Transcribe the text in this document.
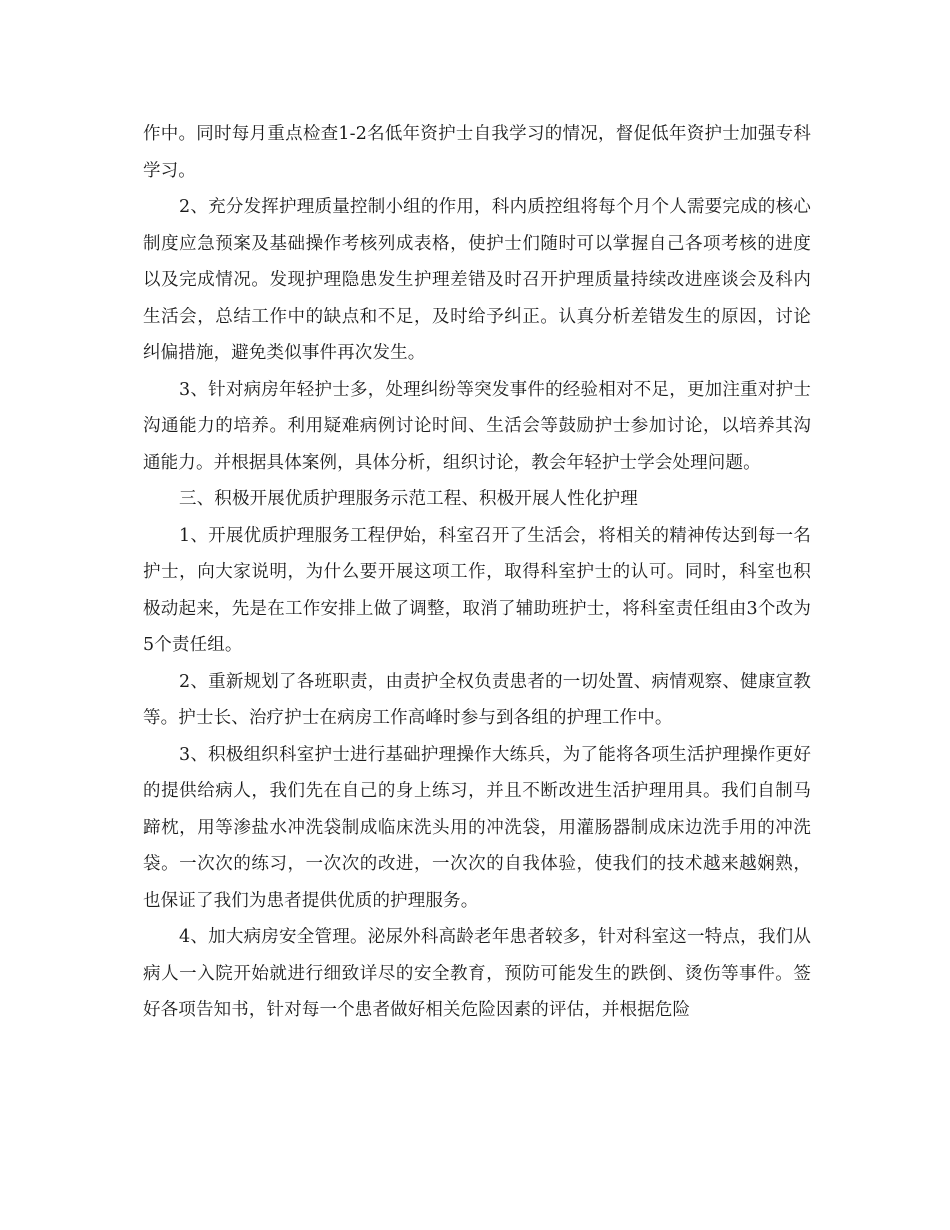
作中。同时每月重点检查1-2名低年资护士自我学习的情况，督促低年资护士加强专科学习。

2、充分发挥护理质量控制小组的作用，科内质控组将每个月个人需要完成的核心制度应急预案及基础操作考核列成表格，使护士们随时可以掌握自己各项考核的进度以及完成情况。发现护理隐患发生护理差错及时召开护理质量持续改进座谈会及科内生活会，总结工作中的缺点和不足，及时给予纠正。认真分析差错发生的原因，讨论纠偏措施，避免类似事件再次发生。

3、针对病房年轻护士多，处理纠纷等突发事件的经验相对不足，更加注重对护士沟通能力的培养。利用疑难病例讨论时间、生活会等鼓励护士参加讨论，以培养其沟通能力。并根据具体案例，具体分析，组织讨论，教会年轻护士学会处理问题。

三、积极开展优质护理服务示范工程、积极开展人性化护理

1、开展优质护理服务工程伊始，科室召开了生活会，将相关的精神传达到每一名护士，向大家说明，为什么要开展这项工作，取得科室护士的认可。同时，科室也积极动起来，先是在工作安排上做了调整，取消了辅助班护士，将科室责任组由3个改为5个责任组。

2、重新规划了各班职责，由责护全权负责患者的一切处置、病情观察、健康宣教等。护士长、治疗护士在病房工作高峰时参与到各组的护理工作中。

3、积极组织科室护士进行基础护理操作大练兵，为了能将各项生活护理操作更好的提供给病人，我们先在自己的身上练习，并且不断改进生活护理用具。我们自制马蹄枕，用等渗盐水冲洗袋制成临床洗头用的冲洗袋，用灌肠器制成床边洗手用的冲洗袋。一次次的练习，一次次的改进，一次次的自我体验，使我们的技术越来越娴熟，也保证了我们为患者提供优质的护理服务。

4、加大病房安全管理。泌尿外科高龄老年患者较多，针对科室这一特点，我们从病人一入院开始就进行细致详尽的安全教育，预防可能发生的跌倒、烫伤等事件。签好各项告知书，针对每一个患者做好相关危险因素的评估，并根据危险
